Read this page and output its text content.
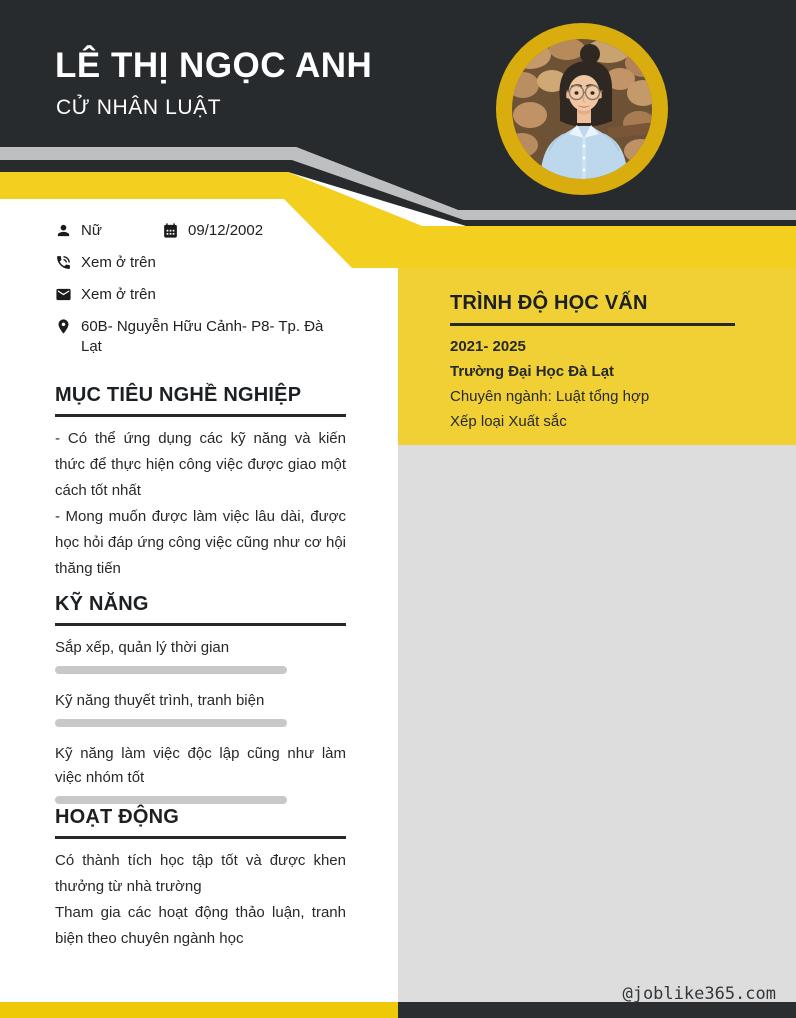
LÊ THỊ NGỌC ANH
CỬ NHÂN LUẬT
Nữ	09/12/2002
Xem ở trên
Xem ở trên
60B- Nguyễn Hữu Cảnh- P8- Tp. Đà Lạt
MỤC TIÊU NGHỀ NGHIỆP

- Có thể ứng dụng các kỹ năng và kiến thức để thực hiện công việc được giao một cách tốt nhất

- Mong muốn được làm việc lâu dài, được học hỏi đáp ứng công việc cũng như cơ hội thăng tiến

KỸ NĂNG

Sắp xếp, quản lý thời gian

Kỹ năng thuyết trình, tranh biện

Kỹ năng làm việc độc lập cũng như làm việc nhóm tốt

HOẠT ĐỘNG

Có thành tích học tập tốt và được khen thưởng từ nhà trường

Tham gia các hoạt động thảo luận, tranh biện theo chuyên ngành học

TRÌNH ĐỘ HỌC VẤN
2021- 2025
Trường Đại Học Đà Lạt
Chuyên ngành: Luật tổng hợp
Xếp loại Xuất sắc
@joblike365.com
